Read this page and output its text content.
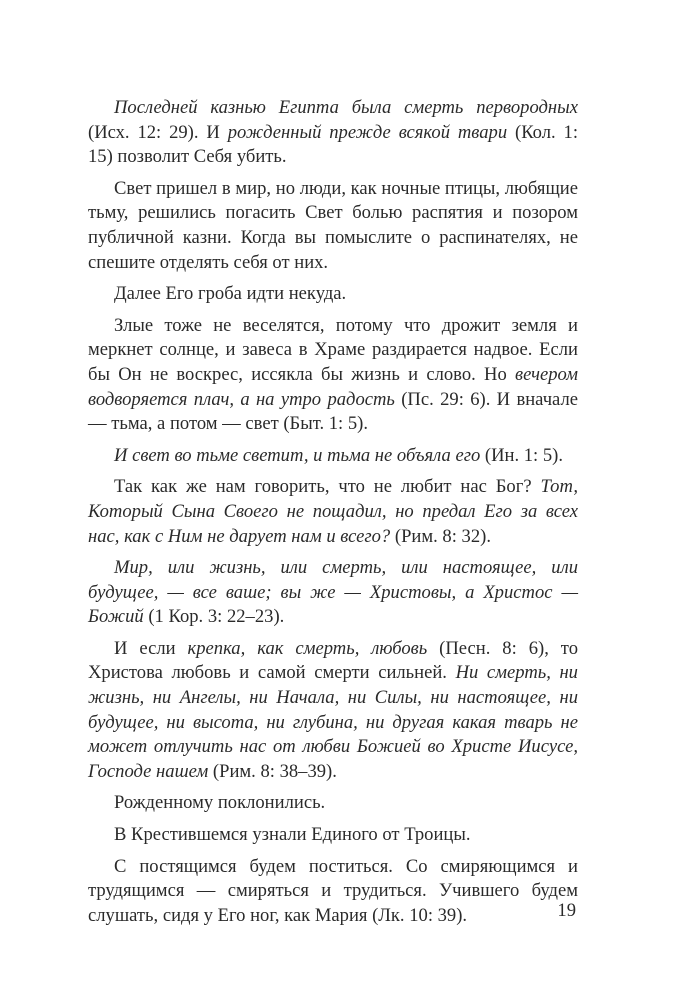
Последней казнью Египта была смерть первородных (Исх. 12: 29). И рожденный прежде всякой твари (Кол. 1: 15) позволит Себя убить.

Свет пришел в мир, но люди, как ночные птицы, любящие тьму, решились погасить Свет болью распятия и позором публичной казни. Когда вы помыслите о распинателях, не спешите отделять себя от них.

Далее Его гроба идти некуда.

Злые тоже не веселятся, потому что дрожит земля и меркнет солнце, и завеса в Храме раздирается надвое. Если бы Он не воскрес, иссякла бы жизнь и слово. Но вечером водворяется плач, а на утро радость (Пс. 29: 6). И вначале — тьма, а потом — свет (Быт. 1: 5).

И свет во тьме светит, и тьма не объяла его (Ин. 1: 5).

Так как же нам говорить, что не любит нас Бог? Тот, Который Сына Своего не пощадил, но предал Его за всех нас, как с Ним не дарует нам и всего? (Рим. 8: 32).

Мир, или жизнь, или смерть, или настоящее, или будущее, — все ваше; вы же — Христовы, а Христос — Божий (1 Кор. 3: 22–23).

И если крепка, как смерть, любовь (Песн. 8: 6), то Христова любовь и самой смерти сильней. Ни смерть, ни жизнь, ни Ангелы, ни Начала, ни Силы, ни настоящее, ни будущее, ни высота, ни глубина, ни другая какая тварь не может отлучить нас от любви Божией во Христе Иисусе, Господе нашем (Рим. 8: 38–39).

Рожденному поклонились.

В Крестившемся узнали Единого от Троицы.

С постящимся будем поститься. Со смиряющимся и трудящимся — смиряться и трудиться. Учившего будем слушать, сидя у Его ног, как Мария (Лк. 10: 39).	19
